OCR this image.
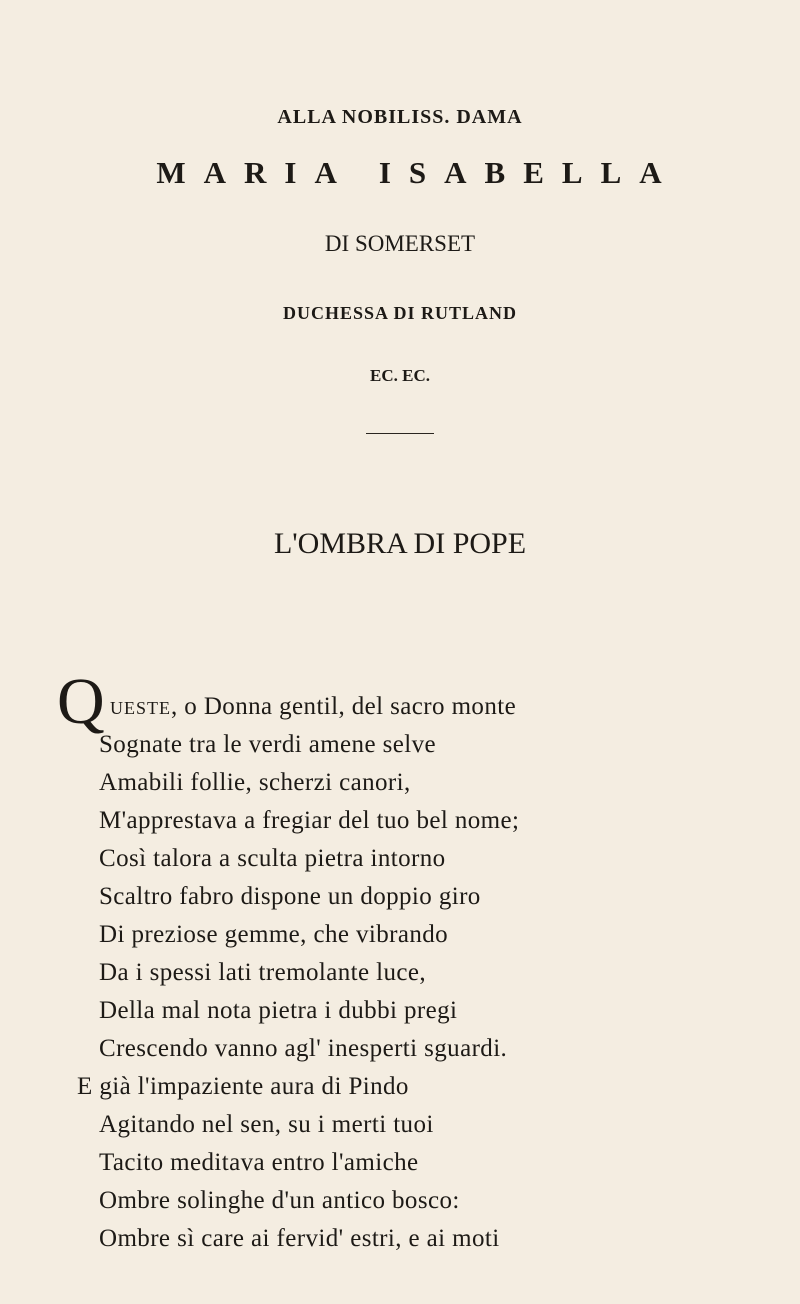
ALLA NOBILISS. DAMA
MARIA ISABELLA
DI SOMERSET
DUCHESSA DI RUTLAND
EC. EC.
L'OMBRA DI POPE
Q UESTE, o Donna gentil, del sacro monte
Sognate tra le verdi amene selve
Amabili follie, scherzi canori,
M'apprestava a fregiar del tuo bel nome;
Così talora a sculta pietra intorno
Scaltro fabro dispone un doppio giro
Di preziose gemme, che vibrando
Da i spessi lati tremolante luce,
Della mal nota pietra i dubbi pregi
Crescendo vanno agl' inesperti sguardi.
E già l'impaziente aura di Pindo
Agitando nel sen, su i merti tuoi
Tacito meditava entro l'amiche
Ombre solinghe d'un antico bosco:
Ombre sì care ai fervid' estri, e ai moti
